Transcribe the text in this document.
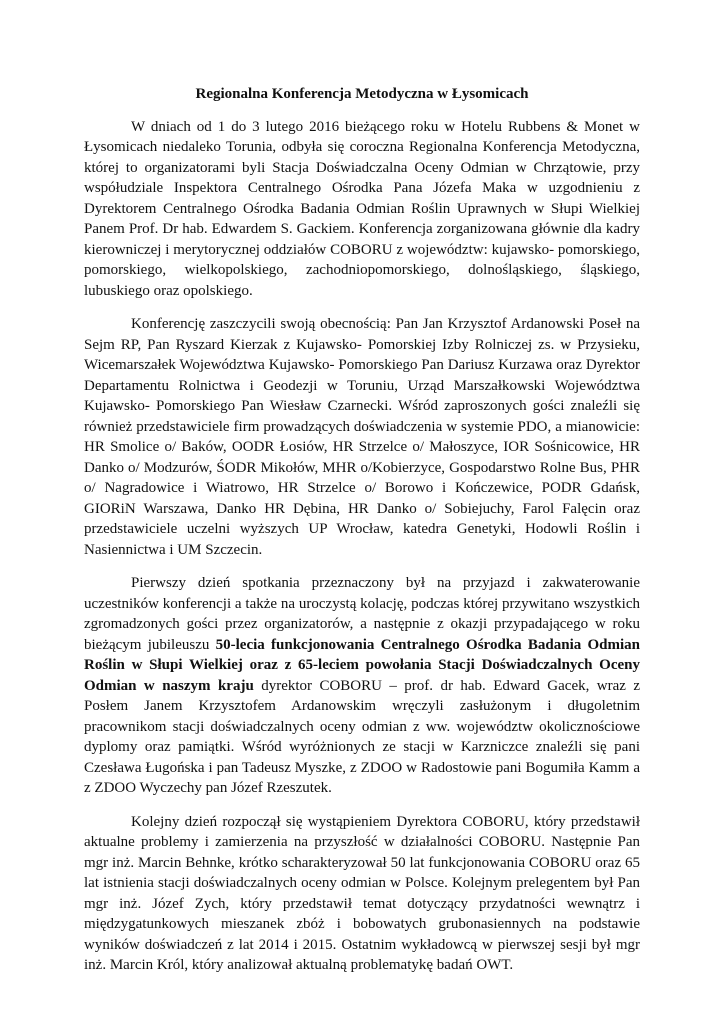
Regionalna Konferencja Metodyczna w Łysomicach

W dniach od 1 do 3 lutego 2016 bieżącego roku w Hotelu Rubbens & Monet w Łysomicach niedaleko Torunia, odbyła się coroczna Regionalna Konferencja Metodyczna, której to organizatorami byli Stacja Doświadczalna Oceny Odmian w Chrzątowie, przy współudziale Inspektora Centralnego Ośrodka Pana Józefa Maka w uzgodnieniu z Dyrektorem Centralnego Ośrodka Badania Odmian Roślin Uprawnych w Słupi Wielkiej Panem Prof. Dr hab. Edwardem S. Gackiem. Konferencja zorganizowana głównie dla kadry kierowniczej i merytorycznej oddziałów COBORU z województw: kujawsko- pomorskiego, pomorskiego, wielkopolskiego, zachodniopomorskiego, dolnośląskiego, śląskiego, lubuskiego oraz opolskiego.

Konferencję zaszczycili swoją obecnością: Pan Jan Krzysztof Ardanowski Poseł na Sejm RP, Pan Ryszard Kierzak z Kujawsko- Pomorskiej Izby Rolniczej zs. w Przysieku, Wicemarszałek Województwa Kujawsko- Pomorskiego Pan Dariusz Kurzawa oraz Dyrektor Departamentu Rolnictwa i Geodezji w Toruniu, Urząd Marszałkowski Województwa Kujawsko- Pomorskiego Pan Wiesław Czarnecki. Wśród zaproszonych gości znaleźli się również przedstawiciele firm prowadzących doświadczenia w systemie PDO, a mianowicie: HR Smolice o/ Baków, OODR Łosiów, HR Strzelce o/ Małoszyce, IOR Sośnicowice, HR Danko o/ Modzurów, ŚODR Mikołów, MHR o/Kobierzyce, Gospodarstwo Rolne Bus, PHR o/ Nagradowice i Wiatrowo, HR Strzelce o/ Borowo i Kończewice, PODR Gdańsk, GIORiN Warszawa, Danko HR Dębina, HR Danko o/ Sobiejuchy, Farol Falęcin oraz przedstawiciele uczelni wyższych UP Wrocław, katedra Genetyki, Hodowli Roślin i Nasiennictwa i UM Szczecin.

Pierwszy dzień spotkania przeznaczony był na przyjazd i zakwaterowanie uczestników konferencji a także na uroczystą kolację, podczas której przywitano wszystkich zgromadzonych gości przez organizatorów, a następnie z okazji przypadającego w roku bieżącym jubileuszu 50-lecia funkcjonowania Centralnego Ośrodka Badania Odmian Roślin w Słupi Wielkiej oraz z 65-leciem powołania Stacji Doświadczalnych Oceny Odmian w naszym kraju dyrektor COBORU – prof. dr hab. Edward Gacek, wraz z Posłem Janem Krzysztofem Ardanowskim wręczyli zasłużonym i długoletnim pracownikom stacji doświadczalnych oceny odmian z ww. województw okolicznościowe dyplomy oraz pamiątki. Wśród wyróżnionych ze stacji w Karzniczce znaleźli się pani Czesława Ługońska i pan Tadeusz Myszke, z ZDOO w Radostowie pani Bogumiła Kamm a z ZDOO Wyczechy pan Józef Rzeszutek.

Kolejny dzień rozpoczął się wystąpieniem Dyrektora COBORU, który przedstawił aktualne problemy i zamierzenia na przyszłość w działalności COBORU. Następnie Pan mgr inż. Marcin Behnke, krótko scharakteryzował 50 lat funkcjonowania COBORU oraz 65 lat istnienia stacji doświadczalnych oceny odmian w Polsce. Kolejnym prelegentem był Pan mgr inż. Józef Zych, który przedstawił temat dotyczący przydatności wewnątrz i międzygatunkowych mieszanek zbóż i bobowatych grubonasiennych na podstawie wyników doświadczeń z lat 2014 i 2015. Ostatnim wykładowcą w pierwszej sesji był mgr inż. Marcin Król, który analizował aktualną problematykę badań OWT.
